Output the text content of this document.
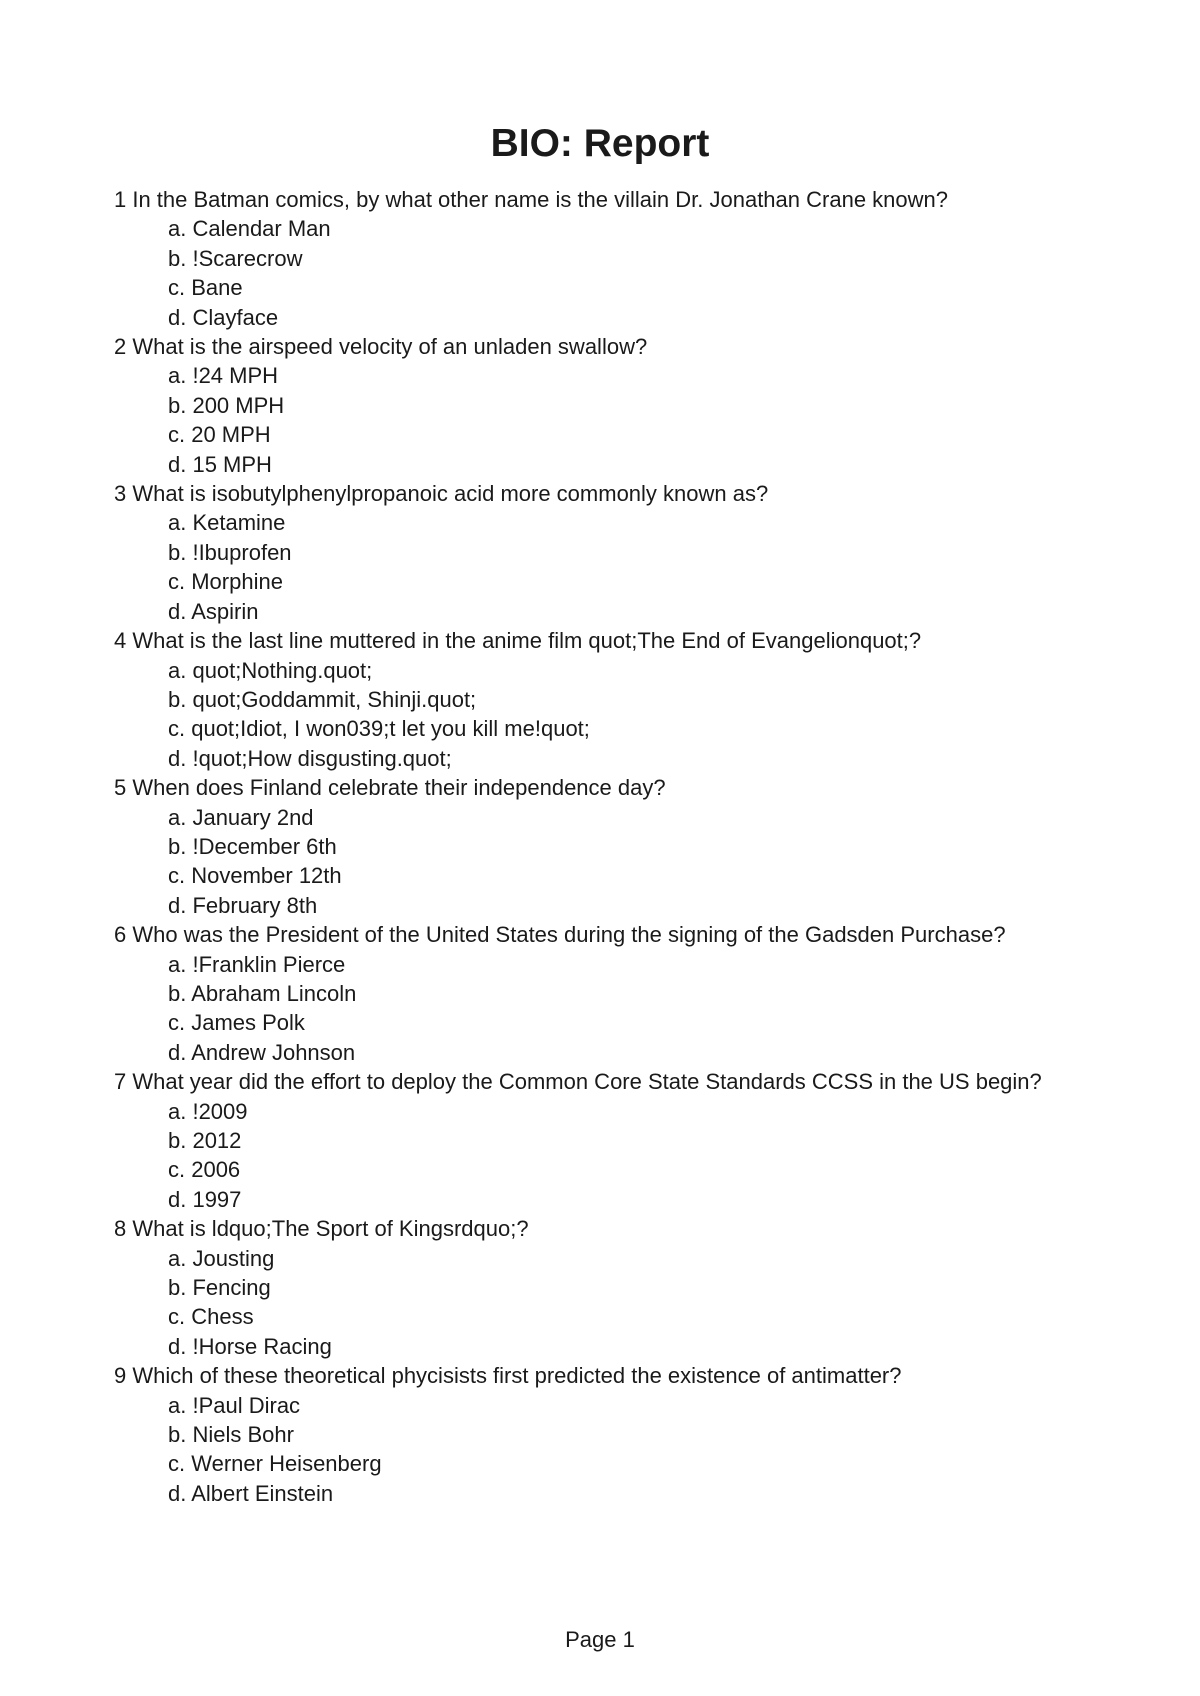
BIO: Report

1 In the Batman comics, by what other name is the villain Dr. Jonathan Crane known?

a. Calendar Man
b. !Scarecrow
c. Bane
d. Clayface

2 What is the airspeed velocity of an unladen swallow?

a. !24 MPH
b. 200 MPH
c. 20 MPH
d. 15 MPH

3 What is isobutylphenylpropanoic acid more commonly known as?

a. Ketamine
b. !Ibuprofen
c. Morphine
d. Aspirin

4 What is the last line muttered in the anime film quot;The End of Evangelionquot;?

a. quot;Nothing.quot;
b. quot;Goddammit, Shinji.quot;
c. quot;Idiot, I won039;t let you kill me!quot;
d. !quot;How disgusting.quot;

5 When does Finland celebrate their independence day?

a. January 2nd
b. !December 6th
c. November 12th
d. February 8th

6 Who was the President of the United States during the signing of the Gadsden Purchase?

a. !Franklin Pierce
b. Abraham Lincoln
c. James Polk
d. Andrew Johnson

7 What year did the effort to deploy the Common Core State Standards CCSS in the US begin?

a. !2009
b. 2012
c. 2006
d. 1997

8 What is ldquo;The Sport of Kingsrdquo;?

a. Jousting
b. Fencing
c. Chess
d. !Horse Racing

9 Which of these theoretical phycisists first predicted the existence of antimatter?

a. !Paul Dirac
b. Niels Bohr
c. Werner Heisenberg
d. Albert Einstein
Page 1
